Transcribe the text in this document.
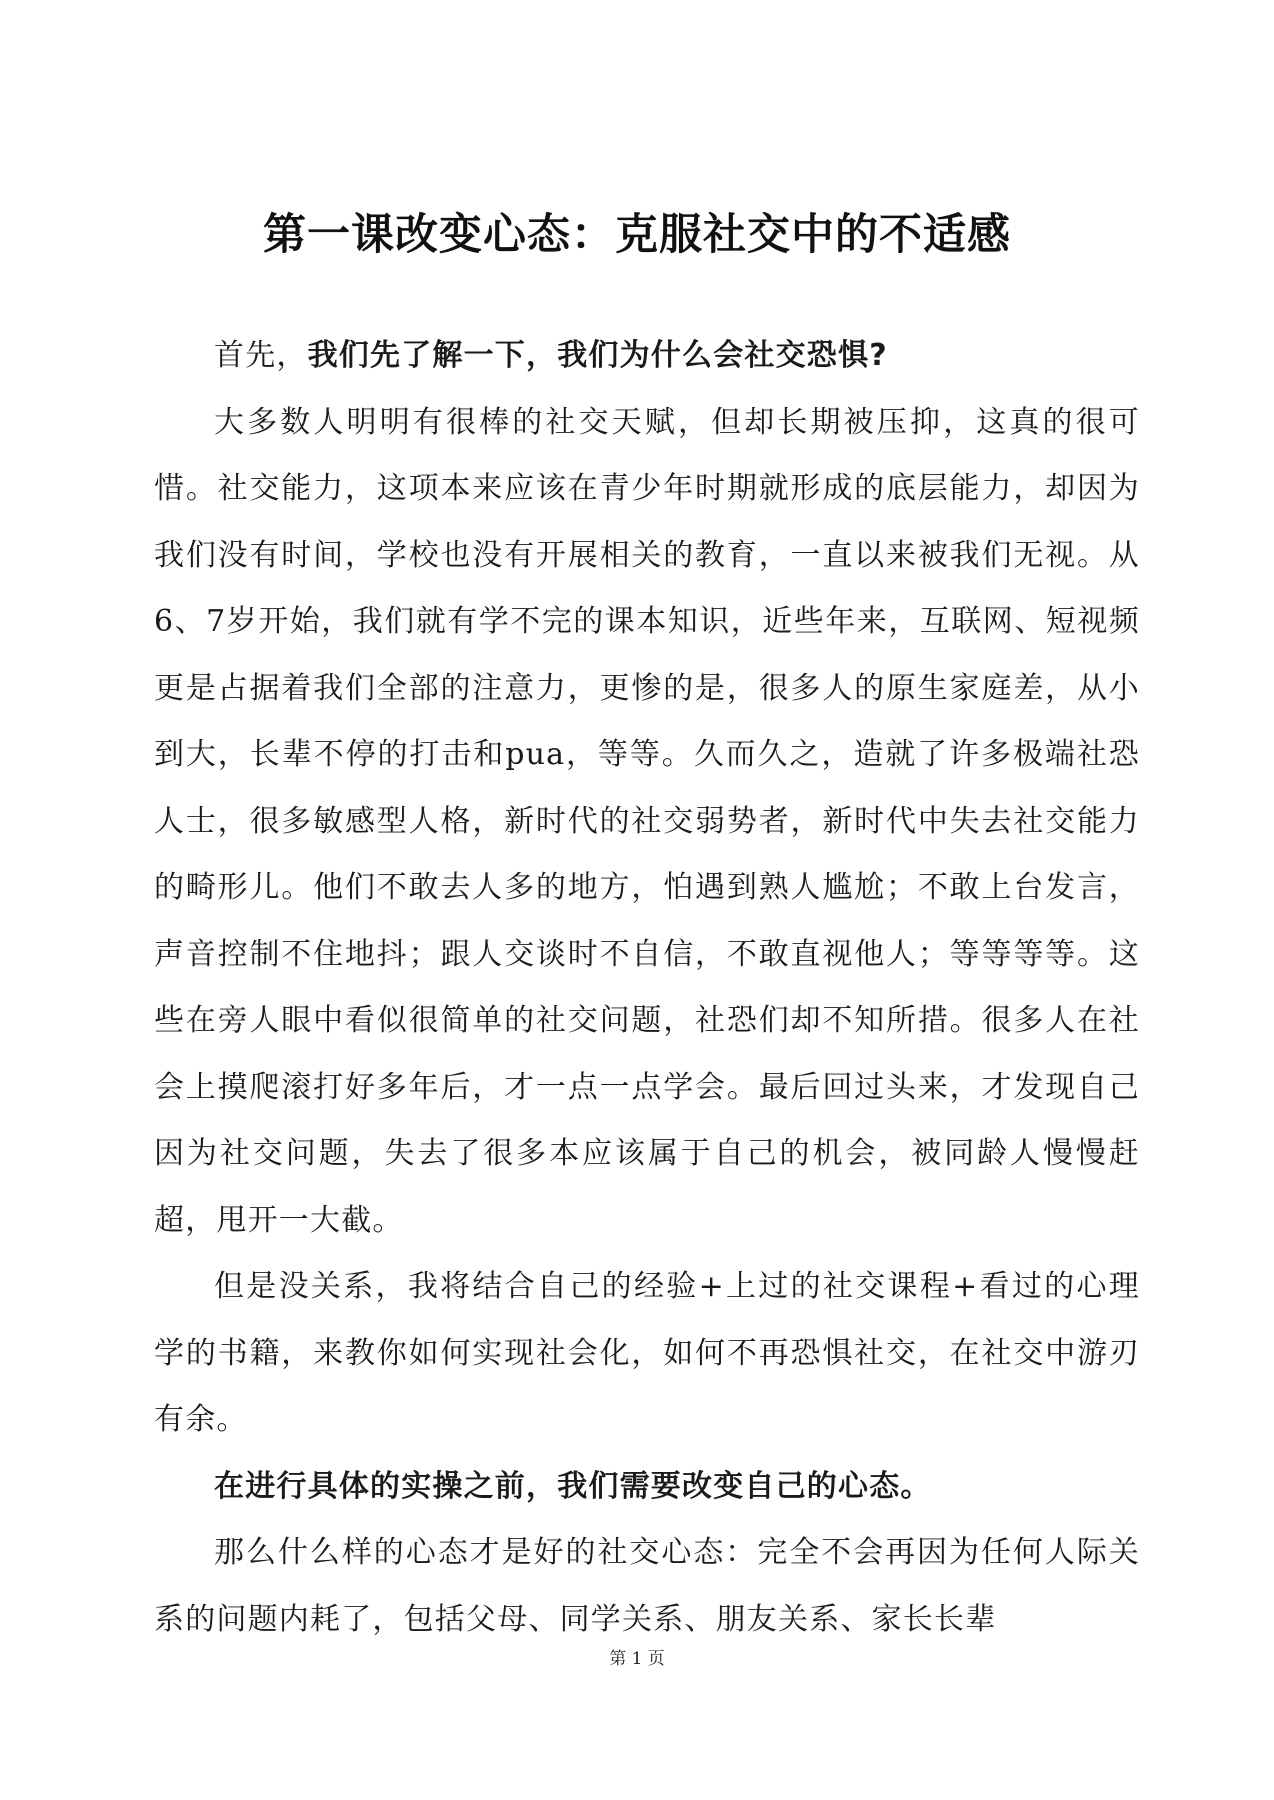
第一课改变心态：克服社交中的不适感

首先，我们先了解一下，我们为什么会社交恐惧?

大多数人明明有很棒的社交天赋，但却长期被压抑，这真的很可惜。社交能力，这项本来应该在青少年时期就形成的底层能力，却因为我们没有时间，学校也没有开展相关的教育，一直以来被我们无视。从6、7岁开始，我们就有学不完的课本知识，近些年来，互联网、短视频更是占据着我们全部的注意力，更惨的是，很多人的原生家庭差，从小到大，长辈不停的打击和pua，等等。久而久之，造就了许多极端社恐人士，很多敏感型人格，新时代的社交弱势者，新时代中失去社交能力的畸形儿。他们不敢去人多的地方，怕遇到熟人尴尬；不敢上台发言，声音控制不住地抖；跟人交谈时不自信，不敢直视他人；等等等等。这些在旁人眼中看似很简单的社交问题，社恐们却不知所措。很多人在社会上摸爬滚打好多年后，才一点一点学会。最后回过头来，才发现自己因为社交问题，失去了很多本应该属于自己的机会，被同龄人慢慢赶超，甩开一大截。

但是没关系，我将结合自己的经验+上过的社交课程+看过的心理学的书籍，来教你如何实现社会化，如何不再恐惧社交，在社交中游刃有余。

在进行具体的实操之前，我们需要改变自己的心态。

那么什么样的心态才是好的社交心态：完全不会再因为任何人际关系的问题内耗了，包括父母、同学关系、朋友关系、家长长辈

第 1 页
